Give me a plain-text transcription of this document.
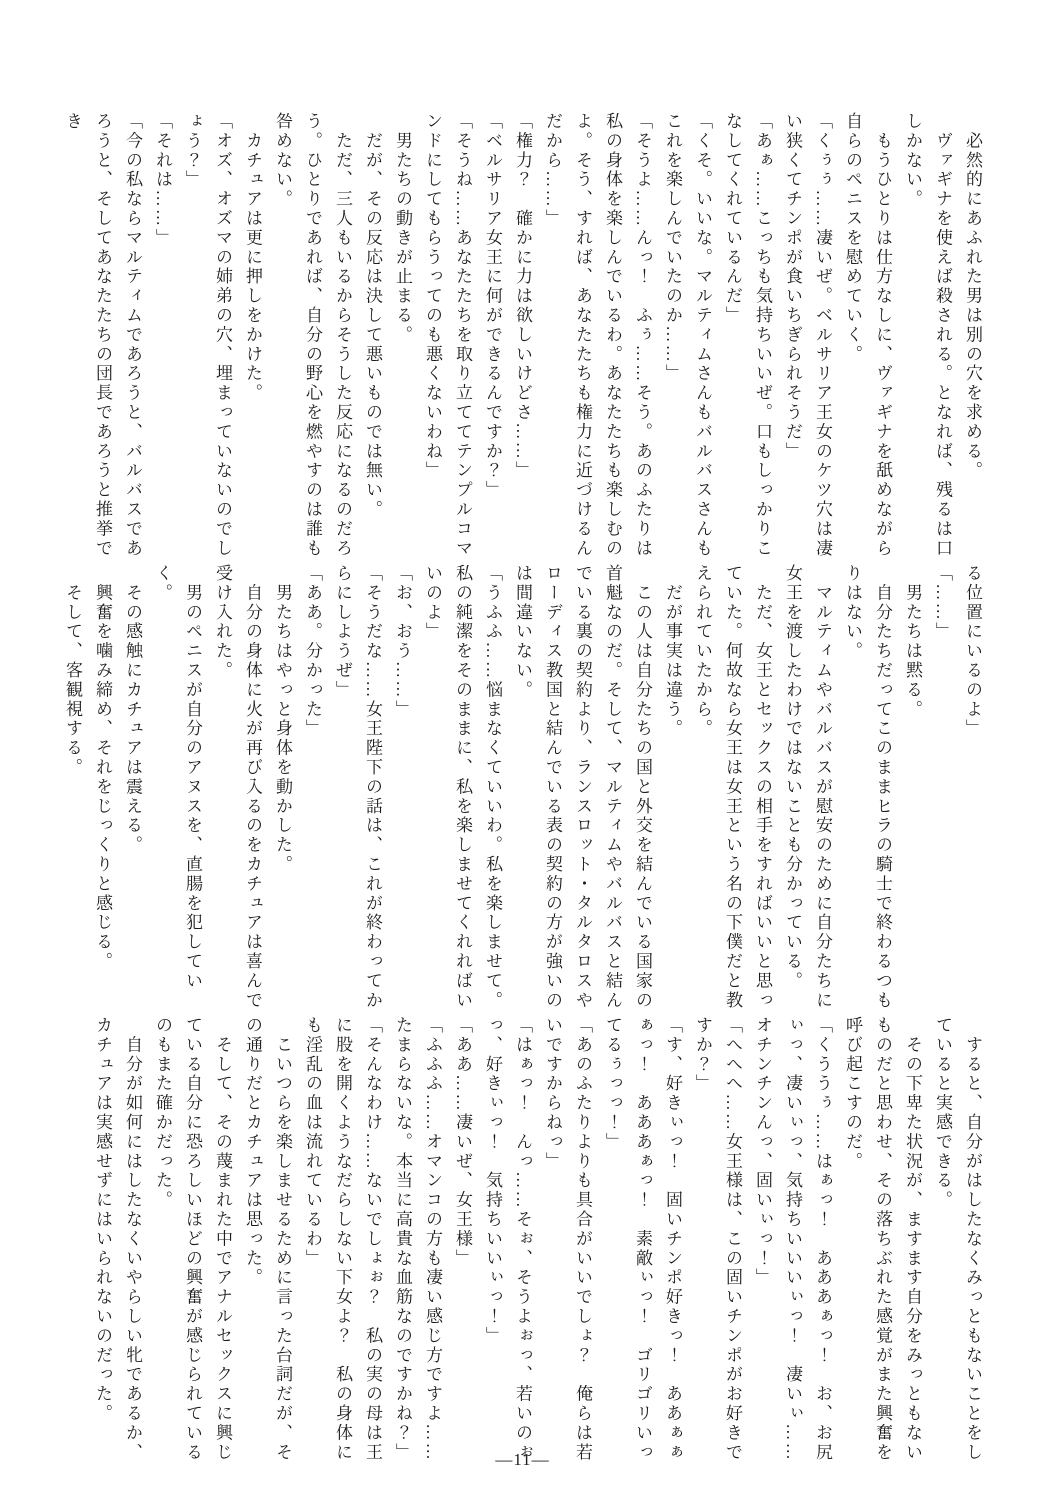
　必然的にあふれた男は別の穴を求める。

　ヴァギナを使えば殺される。となれば、残るは口しかない。

　もうひとりは仕方なしに、ヴァギナを舐めながら自らのペニスを慰めていく。

「くぅぅ……凄いぜ。ベルサリア王女のケツ穴は凄い狭くてチンポが食いちぎられそうだ」

「あぁ……こっちも気持ちいいぜ。口もしっかりこなしてくれているんだ」

「くそ。いいな。マルティムさんもバルバスさんもこれを楽しんでいたのか……」

「そうよ……んっ！　ふぅ……そう。あのふたりは私の身体を楽しんでいるわ。あなたたちも楽しむのよ。そう、すれば、あなたたちも権力に近づけるんだから……」

「権力？　確かに力は欲しいけどさ……」

「ベルサリア女王に何ができるんですか？」

「そうね……あなたたちを取り立ててテンプルコマンドにしてもらうってのも悪くないわね」

　男たちの動きが止まる。

　だが、その反応は決して悪いものでは無い。

　ただ、三人もいるからそうした反応になるのだろう。ひとりであれば、自分の野心を燃やすのは誰も咎めない。

　カチュアは更に押しをかけた。

「オズ、オズマの姉弟の穴、埋まっていないのでしょう？」

「それは……」

「今の私ならマルティムであろうと、バルバスであろうと、そしてあなたたちの団長であろうと推挙でき

る位置にいるのよ」

「……」

　男たちは黙る。

　自分たちだってこのままヒラの騎士で終わるつもりはない。

　マルティムやバルバスが慰安のために自分たちに女王を渡したわけではないことも分かっている。

　ただ、女王とセックスの相手をすればいいと思っていた。何故なら女王は女王という名の下僕だと教えられていたから。

　だが事実は違う。

　この人は自分たちの国と外交を結んでいる国家の首魁なのだ。そして、マルティムやバルバスと結んでいる裏の契約より、ランスロット・タルタロスやローディス教国と結んでいる表の契約の方が強いのは間違いない。

「うふふ……悩まなくていいわ。私を楽しませて。私の純潔をそのままに、私を楽しませてくれればいいのよ」

「お、おう……」

「そうだな……女王陛下の話は、これが終わってからにしようぜ」

「ああ。分かった」

　男たちはやっと身体を動かした。

　自分の身体に火が再び入るのをカチュアは喜んで受け入れた。

　男のペニスが自分のアヌスを、直腸を犯していく。

　その感触にカチュアは震える。

　興奮を噛み締め、それをじっくりと感じる。

　そして、客観視する。

　すると、自分がはしたなくみっともないことをしていると実感できる。

　その下卑た状況が、ますます自分をみっともないものだと思わせ、その落ちぶれた感覚がまた興奮を呼び起こすのだ。

「くううぅ……はぁっ！　あああぁっ！　お、お尻ぃっ、凄いぃっ、気持ちいいいぃっ！　凄いぃ……オチンチンんっ、固いぃっ！」

「へへへ……女王様は、この固いチンポがお好きですか？」

「す、好きぃっ！　固いチンポ好きっ！　ああぁぁぁっ！　あああぁっ！　素敵ぃっ！　ゴリゴリいってるぅっっ！」

「あのふたりよりも具合がいいでしょ？　俺らは若いですからねっ」

「はぁっ！　んっ……そぉ、そうよぉっ、若いのぉっ、好きぃっ！　気持ちいいぃっ！」

「ああ……凄いぜ、女王様」

「ふふふ……オマンコの方も凄い感じ方ですよ……たまらないな。本当に高貴な血筋なのですかね？」

「そんなわけ……ないでしょぉ？　私の実の母は王に股を開くようなだらしない下女よ？　私の身体にも淫乱の血は流れているわ」

　こいつらを楽しませるために言った台詞だが、その通りだとカチュアは思った。

　そして、その蔑まれた中でアナルセックスに興じている自分に恐ろしいほどの興奮が感じられているのもまた確かだった。

　自分が如何にはしたなくいやらしい牝であるか、カチュアは実感せずにはいられないのだった。

—11—
